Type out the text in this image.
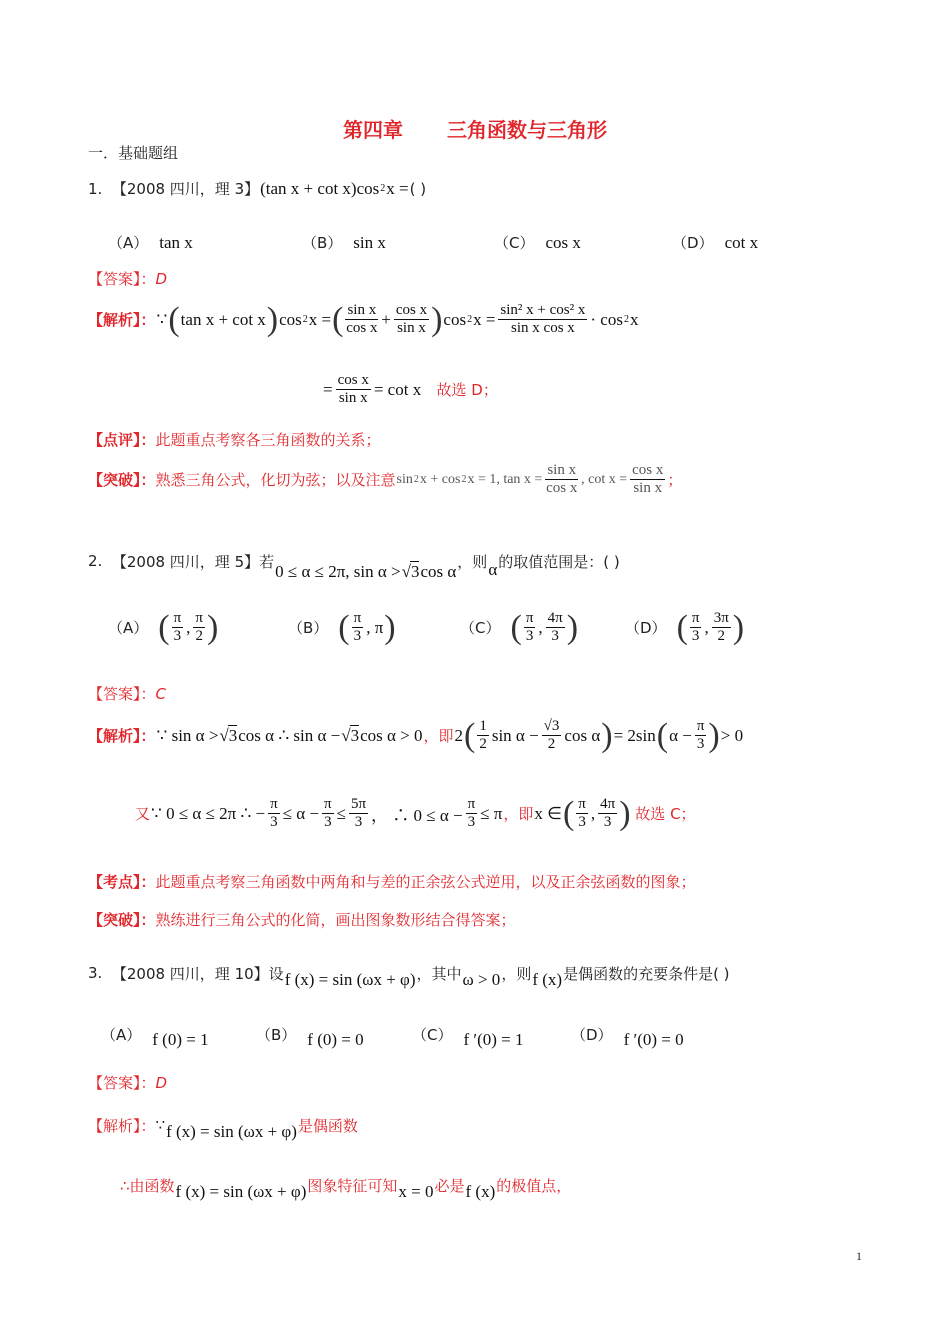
第四章 三角函数与三角形
一．基础题组
1.
【2008 四川，理 3】 (tan x + cot x)cos 2 x = ( )
（A） tan x	（B） sin x	（C） cos x	（D） cot x
【答案】： D
【解析】： ∵ ( tan x + cot x ) cos 2 x = ( $\frac{\text{sin x}}{\text{cos x}} + \frac{\text{cos x}}{\text{sin x}}$ ) cos 2 $x = \frac{\text{sin² x + cos² x}}{\text{sin x cos x}} \cdot \cos 2$ x
= $\frac{\text{cos x}}{\text{sin x}} = \cot x$
故选 D；
【点评】： 此题重点考察各三角函数的关系；
【突破】： 熟悉三角公式，化切为弦；以及注意 sin 2 x + cos 2 x = 1, $\tan x = \frac{\text{sin x}}{\text{cos x}}$ , $\cot x = \frac{\text{cos x}}{\text{sin x}}$ ；
2.
【2008 四川，理 5】 若
0 ≤ α ≤ 2π, sin α > √3 cos α
，则 α 的取值范围是：( )
（A） ( $\frac{\pi}{3}$ , $\frac{\pi}{2}$ )	（B） ( $\frac{\pi}{3}$ , π )	（C） ( $\frac{\pi}{3}$ , $\frac{4\pi}{3}$ )	（D） ( $\frac{\pi}{3}$ , $\frac{3\pi}{2}$ )
【答案】： C
【解析】： ∵ sin α > √3 cos α ∴ sin α − √3 cos α > 0 ，即 2 ( $\frac{1}{2}$ $\sin \alpha - \frac{√3}{2}$ cos α ) = 2sin ( $\alpha - \frac{\pi}{3}$ ) > 0
又 ∵ 0 ≤ α ≤ 2π ∴ − $\frac{\pi}{3} \le \alpha - \frac{\pi}{3} \le \frac{5\pi}{3}$ ， ∴ $0 \le \alpha - \frac{\pi}{3} \le \pi$ ，即 x ∈ ( $\frac{\pi}{3}$ , $\frac{4\pi}{3}$ )
故选 C；
【考点】： 此题重点考察三角函数中两角和与差的正余弦公式逆用，以及正余弦函数的图象；
【突破】： 熟练进行三角公式的化简，画出图象数形结合得答案；
3.
【2008 四川，理 10】 设 f (x) = sin (ωx + φ) ，其中 ω > 0 ，则 f (x) 是偶函数的充要条件是( )
（A） f (0) = 1	（B） f (0) = 0	（C） f ′(0) = 1	（D） f ′(0) = 0
【答案】： D
【解析】： ∵ f (x) = sin (ωx + φ) 是偶函数
∴由函数 f (x) = sin (ωx + φ) 图象特征可知 x = 0 必是 f (x) 的极值点，
1
